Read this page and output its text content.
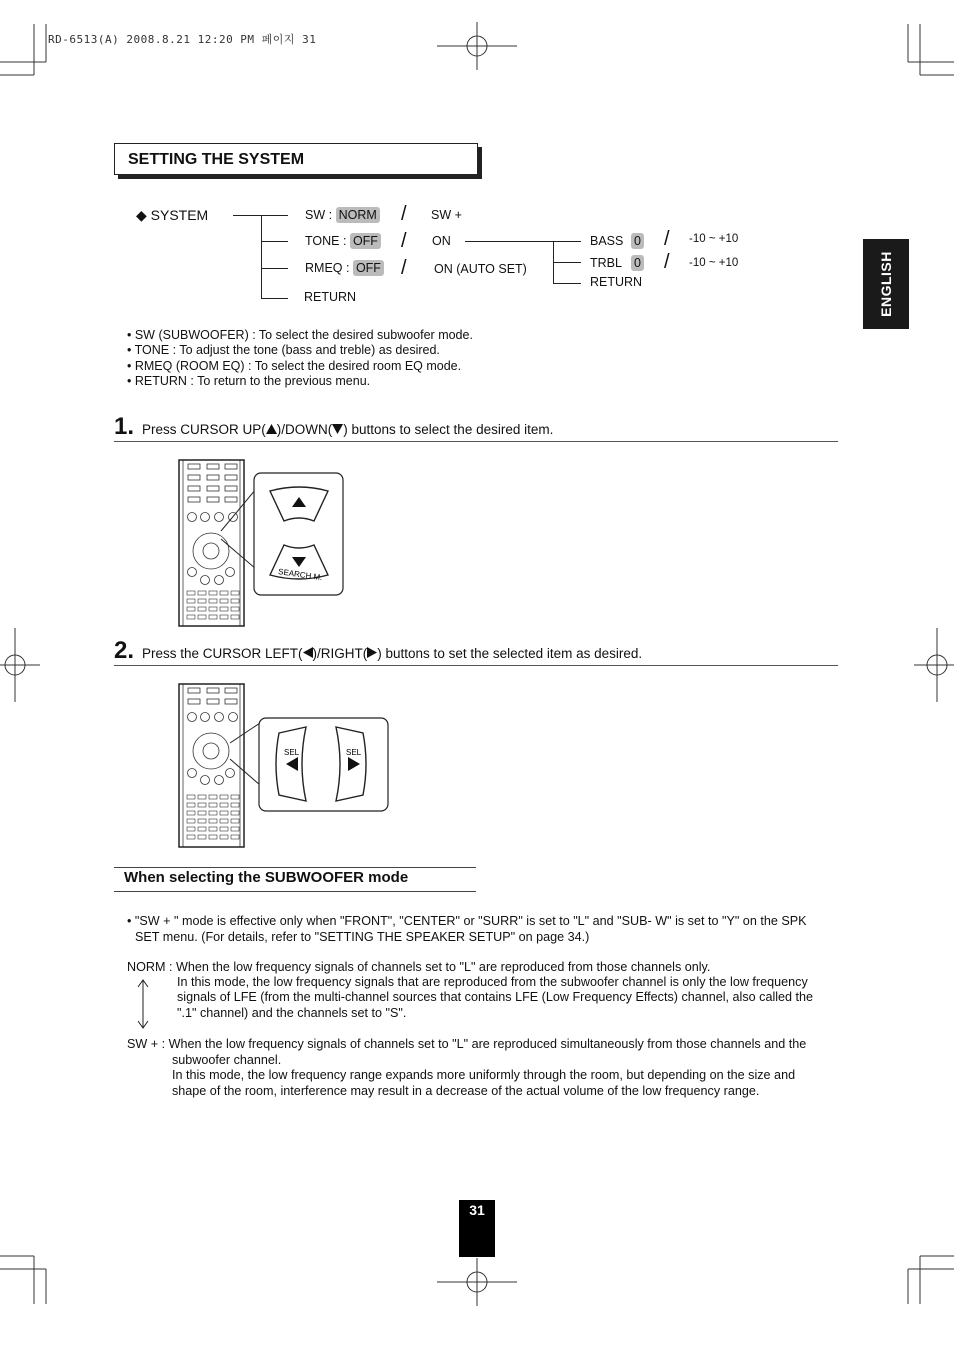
RD-6513(A) 2008.8.21 12:20 PM 페이지 31
SETTING THE SYSTEM
ENGLISH
◆ SYSTEM	SW : NORM / SW +
TONE : OFF / ON
RMEQ : OFF / ON (AUTO SET)
RETURN
BASS 0 / -10 ~ +10
TRBL 0 / -10 ~ +10
RETURN
• SW (SUBWOOFER) : To select the desired subwoofer mode.
• TONE : To adjust the tone (bass and treble) as desired.
• RMEQ (ROOM EQ) : To select the desired room EQ mode.
• RETURN : To return to the previous menu.
1. Press CURSOR UP( )/DOWN( ) buttons to select the desired item.
SEARCH M.
2. Press the CURSOR LEFT( )/RIGHT( ) buttons to set the selected item as desired.
SEL	SEL
When selecting the SUBWOOFER mode
• "SW + " mode is effective only when "FRONT", "CENTER" or "SURR" is set to "L" and "SUB- W" is set to "Y" on the SPK
SET menu. (For details, refer to "SETTING THE SPEAKER SETUP" on page 34.)
NORM : When the low frequency signals of channels set to "L" are reproduced from those channels only.
In this mode, the low frequency signals that are reproduced from the subwoofer channel is only the low frequency
signals of LFE (from the multi-channel sources that contains LFE (Low Frequency Effects) channel, also called the
".1" channel) and the channels set to "S".
SW + : When the low frequency signals of channels set to "L" are reproduced simultaneously from those channels and the
subwoofer channel.
In this mode, the low frequency range expands more uniformly through the room, but depending on the size and
shape of the room, interference may result in a decrease of the actual volume of the low frequency range.
31
